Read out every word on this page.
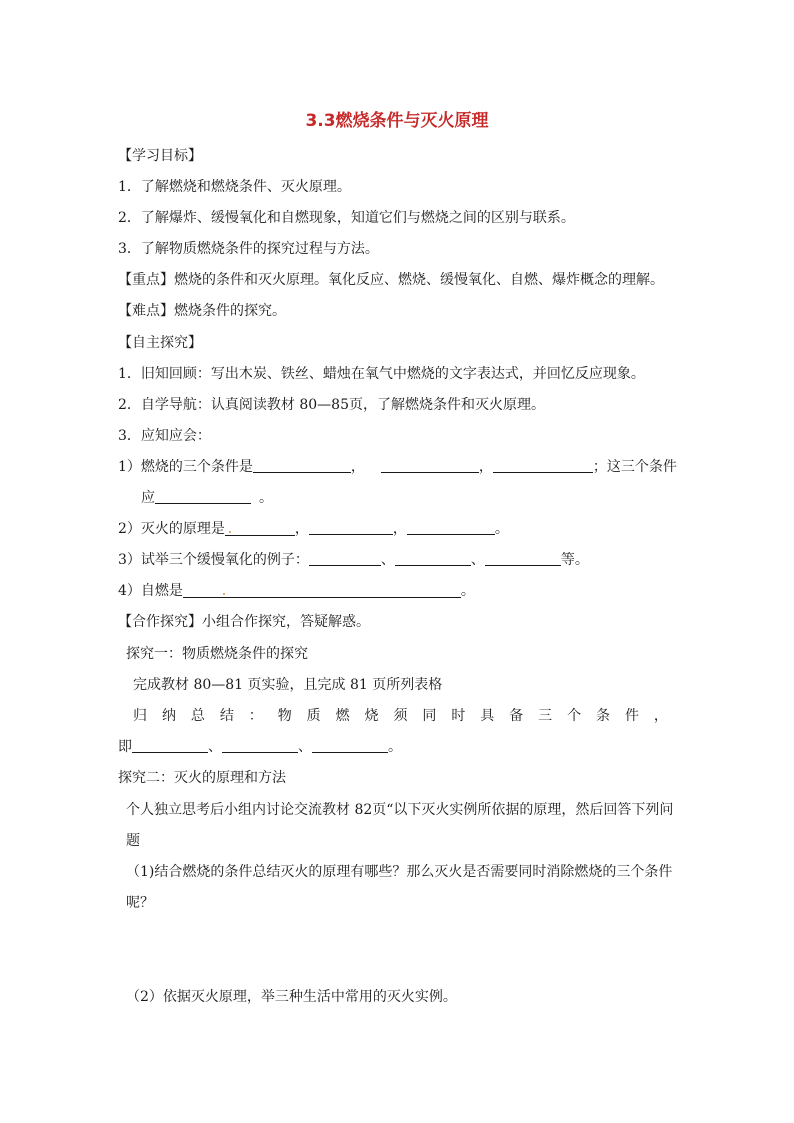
3.3燃烧条件与灭火原理
【学习目标】
1．了解燃烧和燃烧条件、灭火原理。
2．了解爆炸、缓慢氧化和自燃现象，知道它们与燃烧之间的区别与联系。
3．了解物质燃烧条件的探究过程与方法。
【重点】燃烧的条件和灭火原理。氧化反应、燃烧、缓慢氧化、自燃、爆炸概念的理解。
【难点】燃烧条件的探究。
【自主探究】
1．旧知回顾：写出木炭、铁丝、蜡烛在氧气中燃烧的文字表达式，并回忆反应现象。
2．自学导航：认真阅读教材 80—85页，了解燃烧条件和灭火原理。
3．应知应会：
1）燃烧的三个条件是	，	，	；这三个条件
应	。
2）灭火的原理是	，	，	。
3）试举三个缓慢氧化的例子：	、	、	等。
4）自燃是	。
【合作探究】小组合作探究，答疑解惑。
探究一：物质燃烧条件的探究
完成教材 80—81 页实验，且完成 81 页所列表格
归 纳 总 结 ： 物 质 燃 烧 须 同 时 具 备 三 个 条 件 ，
即	、	、	。
探究二：灭火的原理和方法
个人独立思考后小组内讨论交流教材 82页“以下灭火实例所依据的原理，然后回答下列问
题
（1)结合燃烧的条件总结灭火的原理有哪些？那么灭火是否需要同时消除燃烧的三个条件
呢？
（2）依据灭火原理，举三种生活中常用的灭火实例。
